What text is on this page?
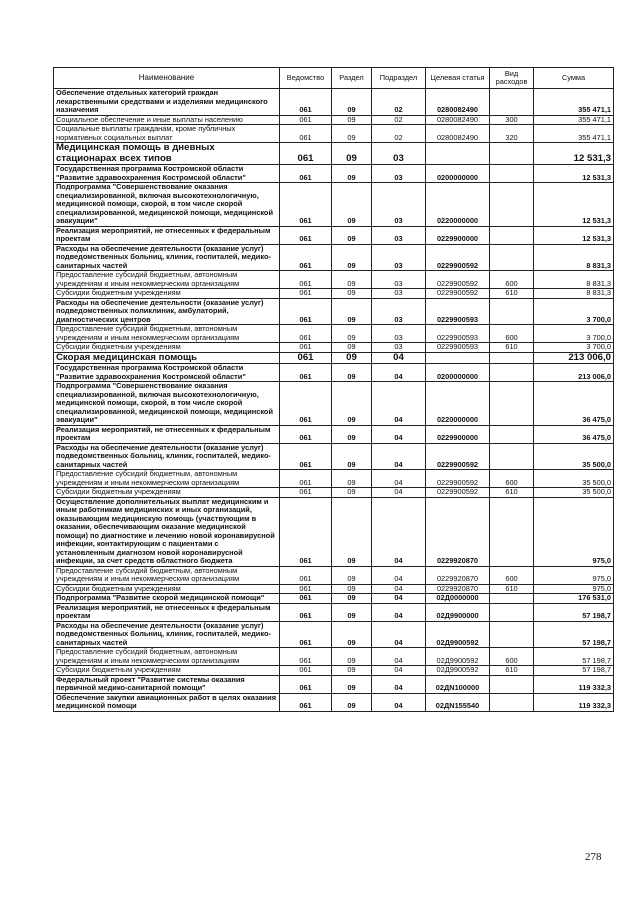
Наименование	Ведомство	Раздел	Подраздел	Целевая статья	Вид расходов	Сумма
Обеспечение отдельных категорий граждан лекарственными средствами и изделиями медицинского назначения	061	09	02	0280082490		355 471,1
Социальное обеспечение и иные выплаты населению	061	09	02	0280082490	300	355 471,1
Социальные выплаты гражданам, кроме публичных нормативных социальных выплат	061	09	02	0280082490	320	355 471,1
Медицинская помощь в дневных стационарах всех типов	061	09	03			12 531,3
Государственная программа Костромской области "Развитие здравоохранения Костромской области"	061	09	03	0200000000		12 531,3
Подпрограмма "Совершенствование оказания специализированной, включая высокотехнологичную, медицинской помощи, скорой, в том числе скорой специализированной, медицинской помощи, медицинской эвакуации"	061	09	03	0220000000		12 531,3
Реализация мероприятий, не отнесенных к федеральным проектам	061	09	03	0229900000		12 531,3
Расходы на обеспечение деятельности (оказание услуг) подведомственных больниц, клиник, госпиталей, медико-санитарных частей	061	09	03	0229900592		8 831,3
Предоставление субсидий бюджетным, автономным учреждениям и иным некоммерческим организациям	061	09	03	0229900592	600	8 831,3
Субсидии бюджетным учреждениям	061	09	03	0229900592	610	8 831,3
Расходы на обеспечение деятельности (оказание услуг) подведомственных поликлиник, амбулаторий, диагностических центров	061	09	03	0229900593		3 700,0
Предоставление субсидий бюджетным, автономным учреждениям и иным некоммерческим организациям	061	09	03	0229900593	600	3 700,0
Субсидии бюджетным учреждениям	061	09	03	0229900593	610	3 700,0
Скорая медицинская помощь	061	09	04			213 006,0
Государственная программа Костромской области "Развитие здравоохранения Костромской области"	061	09	04	0200000000		213 006,0
Подпрограмма "Совершенствование оказания специализированной, включая высокотехнологичную, медицинской помощи, скорой, в том числе скорой специализированной, медицинской помощи, медицинской эвакуации"	061	09	04	0220000000		36 475,0
Реализация мероприятий, не отнесенных к федеральным проектам	061	09	04	0229900000		36 475,0
Расходы на обеспечение деятельности (оказание услуг) подведомственных больниц, клиник, госпиталей, медико-санитарных частей	061	09	04	0229900592		35 500,0
Предоставление субсидий бюджетным, автономным учреждениям и иным некоммерческим организациям	061	09	04	0229900592	600	35 500,0
Субсидии бюджетным учреждениям	061	09	04	0229900592	610	35 500,0
Осуществление дополнительных выплат медицинским и иным работникам медицинских и иных организаций, оказывающим медицинскую помощь (участвующим в оказании, обеспечивающим оказание медицинской помощи) по диагностике и лечению новой коронавирусной инфекции, контактирующим с пациентами с установленным диагнозом новой коронавирусной инфекции, за счет средств областного бюджета	061	09	04	0229920870		975,0
Предоставление субсидий бюджетным, автономным учреждениям и иным некоммерческим организациям	061	09	04	0229920870	600	975,0
Субсидии бюджетным учреждениям	061	09	04	0229920870	610	975,0
Подпрограмма "Развитие скорой медицинской помощи"	061	09	04	02Д0000000		176 531,0
Реализация мероприятий, не отнесенных к федеральным проектам	061	09	04	02Д9900000		57 198,7
Расходы на обеспечение деятельности (оказание услуг) подведомственных больниц, клиник, госпиталей, медико-санитарных частей	061	09	04	02Д9900592		57 198,7
Предоставление субсидий бюджетным, автономным учреждениям и иным некоммерческим организациям	061	09	04	02Д9900592	600	57 198,7
Субсидии бюджетным учреждениям	061	09	04	02Д9900592	610	57 198,7
Федеральный проект "Развитие системы оказания первичной медико-санитарной помощи"	061	09	04	02ДN100000		119 332,3
Обеспечение закупки авиационных работ в целях оказания медицинской помощи	061	09	04	02ДN155540		119 332,3
278
